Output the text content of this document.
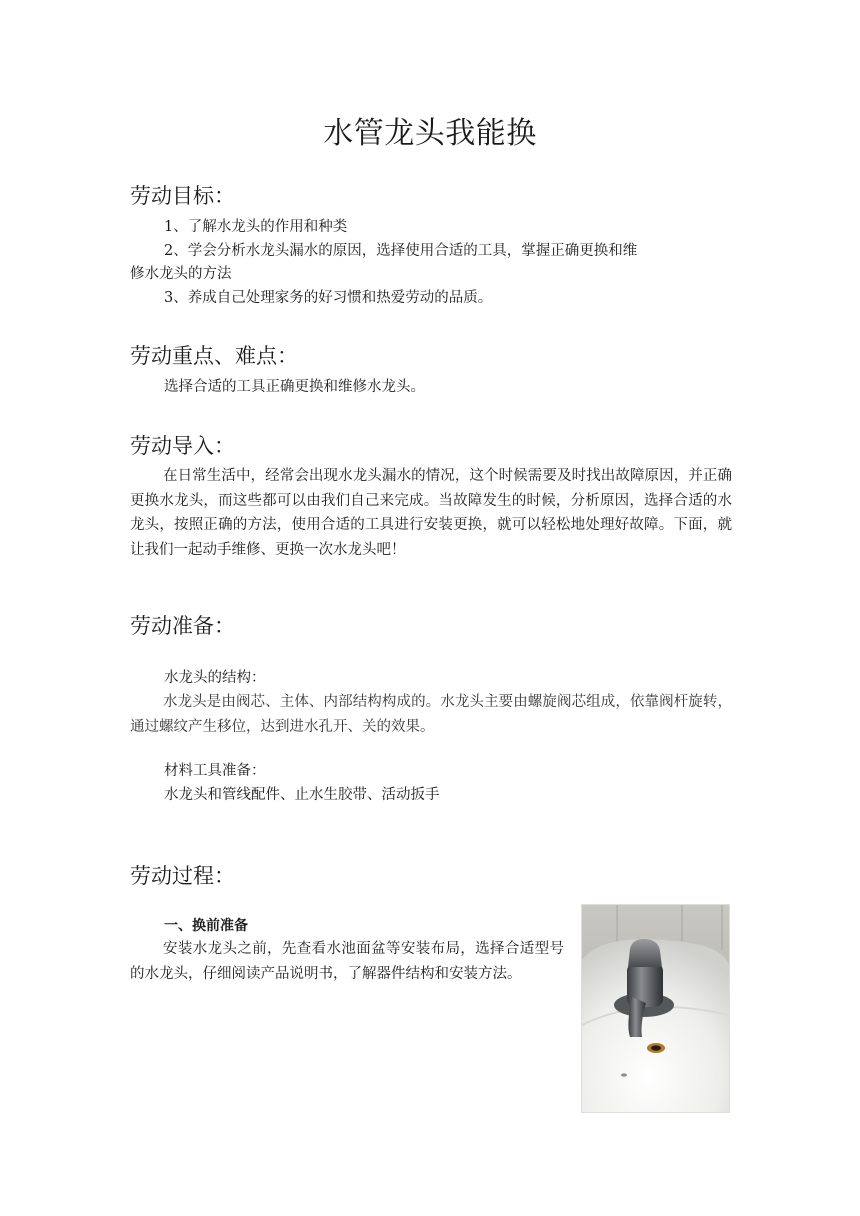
水管龙头我能换
劳动目标：

1、了解水龙头的作用和种类

2、学会分析水龙头漏水的原因，选择使用合适的工具，掌握正确更换和维

修水龙头的方法

3、养成自己处理家务的好习惯和热爱劳动的品质。

劳动重点、难点：

选择合适的工具正确更换和维修水龙头。

劳动导入：

在日常生活中，经常会出现水龙头漏水的情况，这个时候需要及时找出故障原因，并正确更换水龙头，而这些都可以由我们自己来完成。当故障发生的时候，分析原因，选择合适的水龙头，按照正确的方法，使用合适的工具进行安装更换，就可以轻松地处理好故障。下面，就让我们一起动手维修、更换一次水龙头吧！

劳动准备：

水龙头的结构：

水龙头是由阀芯、主体、内部结构构成的。水龙头主要由螺旋阀芯组成，依靠阀杆旋转，通过螺纹产生移位，达到进水孔开、关的效果。

材料工具准备：

水龙头和管线配件、止水生胶带、活动扳手

劳动过程：

一、换前准备

安装水龙头之前，先查看水池面盆等安装布局，选择合适型号的水龙头，仔细阅读产品说明书，了解器件结构和安装方法。
